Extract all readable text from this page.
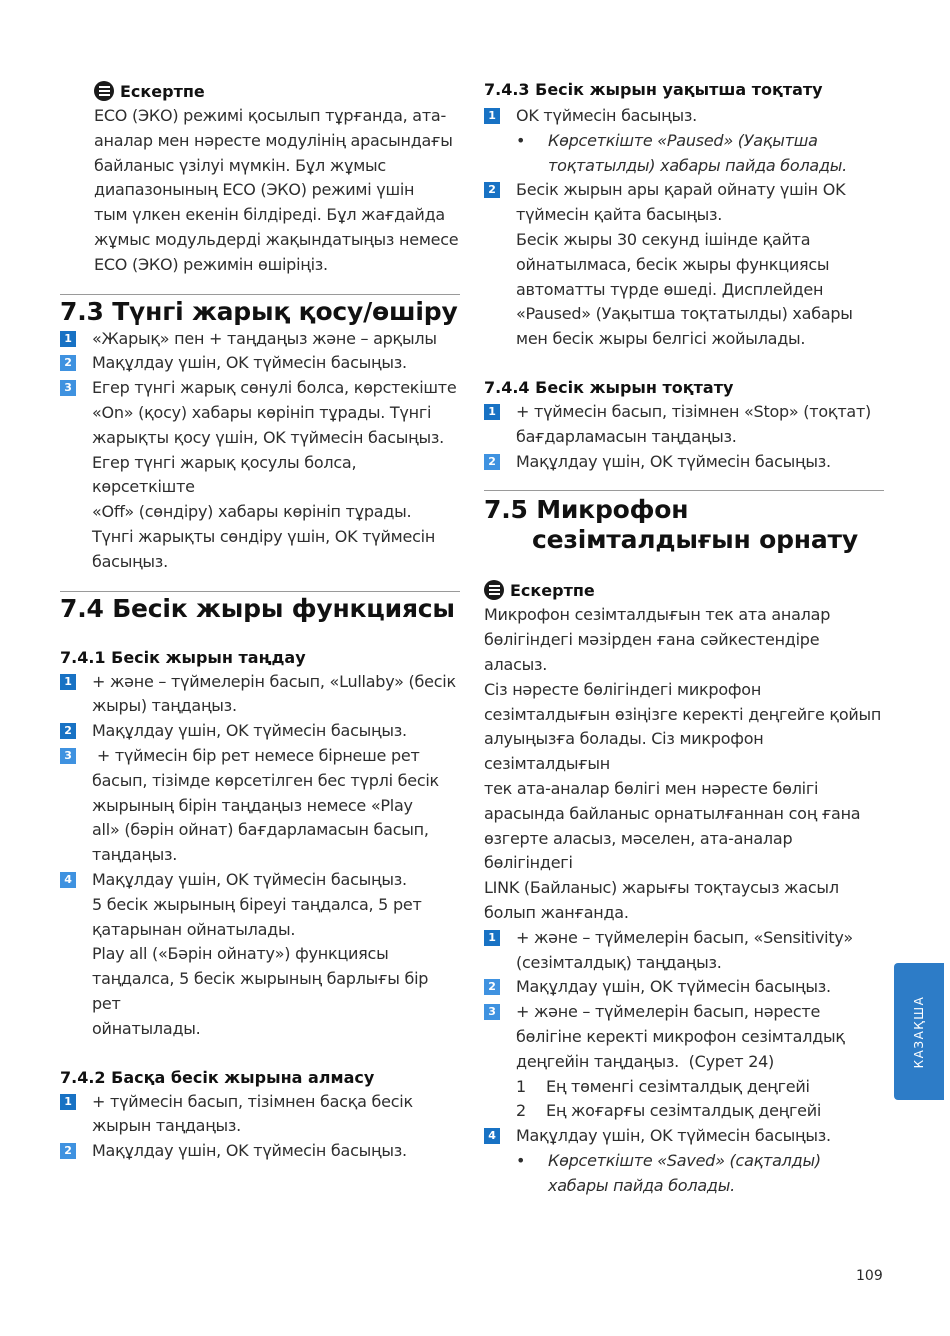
Ескертпе
ECO (ЭКО) режимі қосылып тұрғанда, ата-
аналар мен нәресте модулінің арасындағы
байланыс үзілуі мүмкін. Бұл жұмыс
диапазонының ECO (ЭКО) режимі үшін
тым үлкен екенін білдіреді. Бұл жағдайда
жұмыс модульдерді жақындатыңыз немесе
ECO (ЭКО) режимін өшіріңіз.
7.3 Түнгі жарық қосу/өшіру
1 «Жарық» пен + таңдаңыз және – арқылы
2 Мақұлдау үшін, OK түймесін басыңыз.
3 Егер түнгі жарық сөнулі болса, көрстекіште
«On» (қосу) хабары көрініп тұрады. Түнгі
жарықты қосу үшін, OK түймесін басыңыз.
Егер түнгі жарық қосулы болса, көрсеткіште
«Off» (сөндіру) хабары көрініп тұрады.
Түнгі жарықты сөндіру үшін, OK түймесін
басыңыз.
7.4 Бесік жыры функциясы
7.4.1 Бесік жырын таңдау
1 + және – түймелерін басып, «Lullaby» (бесік
жыры) таңдаңыз.
2 Мақұлдау үшін, OK түймесін басыңыз.
3 + түймесін бір рет немесе бірнеше рет
басып, тізімде көрсетілген бес түрлі бесік
жырының бірін таңдаңыз немесе «Play
all» (бәрін ойнат) бағдарламасын басып,
таңдаңыз.
4 Мақұлдау үшін, OK түймесін басыңыз.
5 бесік жырының біреуі таңдалса, 5 рет
қатарынан ойнатылады.
Play all («Бәрін ойнату») функциясы
таңдалса, 5 бесік жырының барлығы бір рет
ойнатылады.
7.4.2 Басқа бесік жырына алмасу
1 + түймесін басып, тізімнен басқа бесік
жырын таңдаңыз.
2 Мақұлдау үшін, OK түймесін басыңыз.
7.4.3 Бесік жырын уақытша тоқтату
1 OK түймесін басыңыз.
•	Көрсеткіште «Paused» (Уақытша
тоқтатылды) хабары пайда болады.
2 Бесік жырын ары қарай ойнату үшін OK
түймесін қайта басыңыз.
Бесік жыры 30 секунд ішінде қайта
ойнатылмаса, бесік жыры функциясы
автоматты түрде өшеді. Дисплейден
«Paused» (Уақытша тоқтатылды) хабары
мен бесік жыры белгісі жойылады.
7.4.4 Бесік жырын тоқтату
1 + түймесін басып, тізімнен «Stop» (тоқтат)
бағдарламасын таңдаңыз.
2 Мақұлдау үшін, OK түймесін басыңыз.
7.5 Микрофон
сезімталдығын орнату
Ескертпе
Микрофон сезімталдығын тек ата аналар
бөлігіндегі мәзірден ғана сәйкестендіре аласыз.
Сіз нәресте бөлігіндегі микрофон
сезімталдығын өзіңізге керекті деңгейге қойып
алуыңызға болады. Сіз микрофон сезімталдығын
тек ата-аналар бөлігі мен нәресте бөлігі
арасында байланыс орнатылғаннан соң ғана
өзгерте аласыз, мәселен, ата-аналар бөлігіндегі
LINK (Байланыс) жарығы тоқтаусыз жасыл
болып жанғанда.
1 + және – түймелерін басып, «Sensitivity»
(сезімталдық) таңдаңыз.
2 Мақұлдау үшін, OK түймесін басыңыз.
3 + және – түймелерін басып, нәресте
бөлігіне керекті микрофон сезімталдық
деңгейін таңдаңыз.  (Сурет 24)
1	Ең төменгі сезімталдық деңгейі
2	Ең жоғарғы сезімталдық деңгейі
4 Мақұлдау үшін, OK түймесін басыңыз.
•	Көрсеткіште «Saved» (сақталды)
хабары пайда болады.
КАЗАҚША
109
